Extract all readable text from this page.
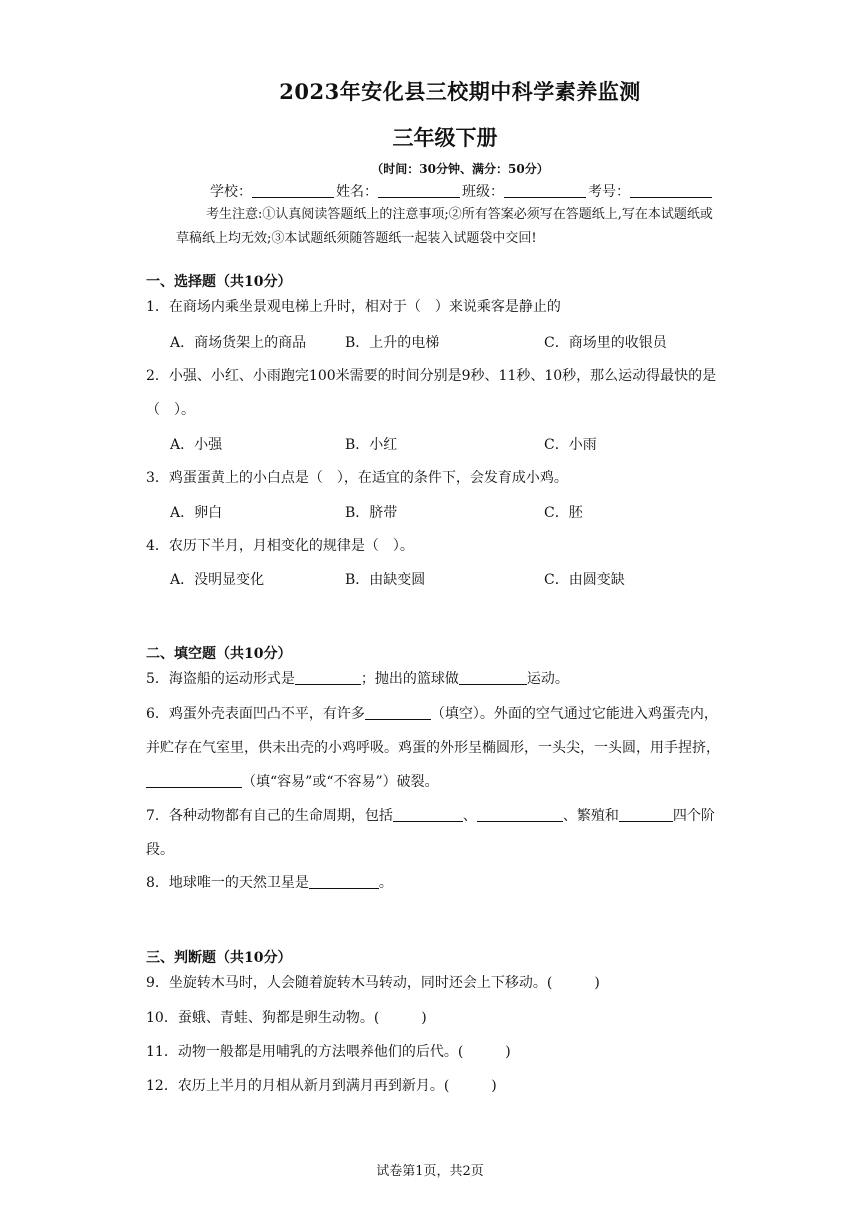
2023年安化县三校期中科学素养监测
三年级下册
（时间：30分钟、满分：50分）
学校：	姓名：	班级：	考号：
考生注意:①认真阅读答题纸上的注意事项;②所有答案必须写在答题纸上,写在本试题纸或草稿纸上均无效;③本试题纸须随答题纸一起装入试题袋中交回!
一、选择题（共10分）
1．在商场内乘坐景观电梯上升时，相对于（　）来说乘客是静止的
A．商场货架上的商品	B．上升的电梯	C．商场里的收银员
2．小强、小红、小雨跑完100米需要的时间分别是9秒、11秒、10秒，那么运动得最快的是（　）。
A．小强	B．小红	C．小雨
3．鸡蛋蛋黄上的小白点是（　），在适宜的条件下，会发育成小鸡。
A．卵白	B．脐带	C．胚
4．农历下半月，月相变化的规律是（　）。
A．没明显变化	B．由缺变圆	C．由圆变缺
二、填空题（共10分）
5．海盗船的运动形式是	；抛出的篮球做	运动。
6．鸡蛋外壳表面凹凸不平，有许多	（填空）。外面的空气通过它能进入鸡蛋壳内，并贮存在气室里，供未出壳的小鸡呼吸。鸡蛋的外形呈椭圆形，一头尖，一头圆，用手捏挤，（填“容易”或“不容易”）破裂。
7．各种动物都有自己的生命周期，包括	、	、繁殖和	四个阶段。
8．地球唯一的天然卫星是	。
三、判断题（共10分）
9．坐旋转木马时，人会随着旋转木马转动，同时还会上下移动。(　　　)
10．蚕蛾、青蛙、狗都是卵生动物。(　　　)
11．动物一般都是用哺乳的方法喂养他们的后代。(　　　)
12．农历上半月的月相从新月到满月再到新月。(　　　)
试卷第1页，共2页
